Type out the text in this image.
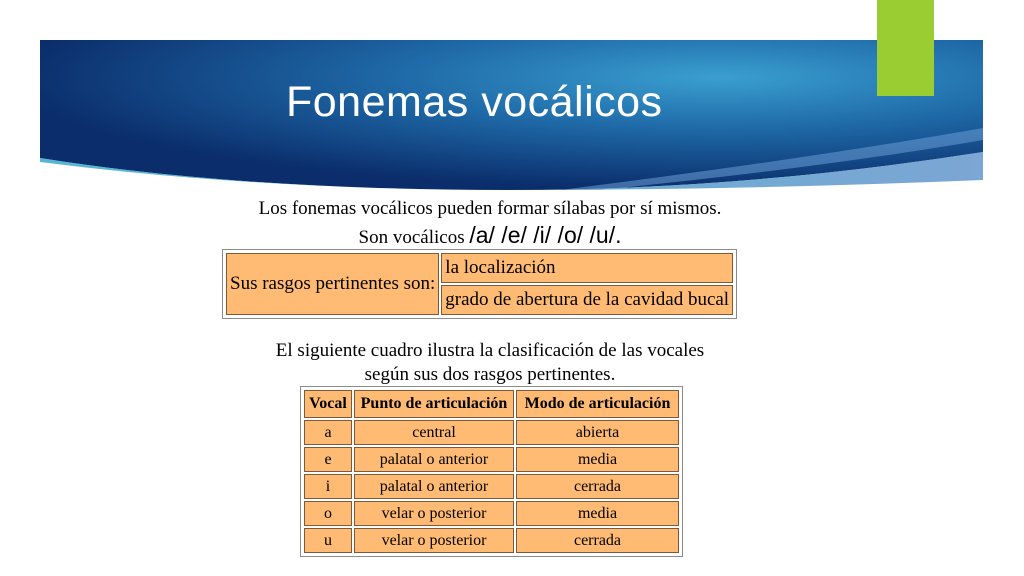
Fonemas vocálicos
Los fonemas vocálicos pueden formar sílabas por sí mismos.
Son vocálicos /a/ /e/ /i/ /o/ /u/.
Sus rasgos pertinentes son:	la localización
grado de abertura de la cavidad bucal
El siguiente cuadro ilustra la clasificación de las vocales
según sus dos rasgos pertinentes.
Vocal	Punto de articulación	Modo de articulación
a	central	abierta
e	palatal o anterior	media
i	palatal o anterior	cerrada
o	velar o posterior	media
u	velar o posterior	cerrada
